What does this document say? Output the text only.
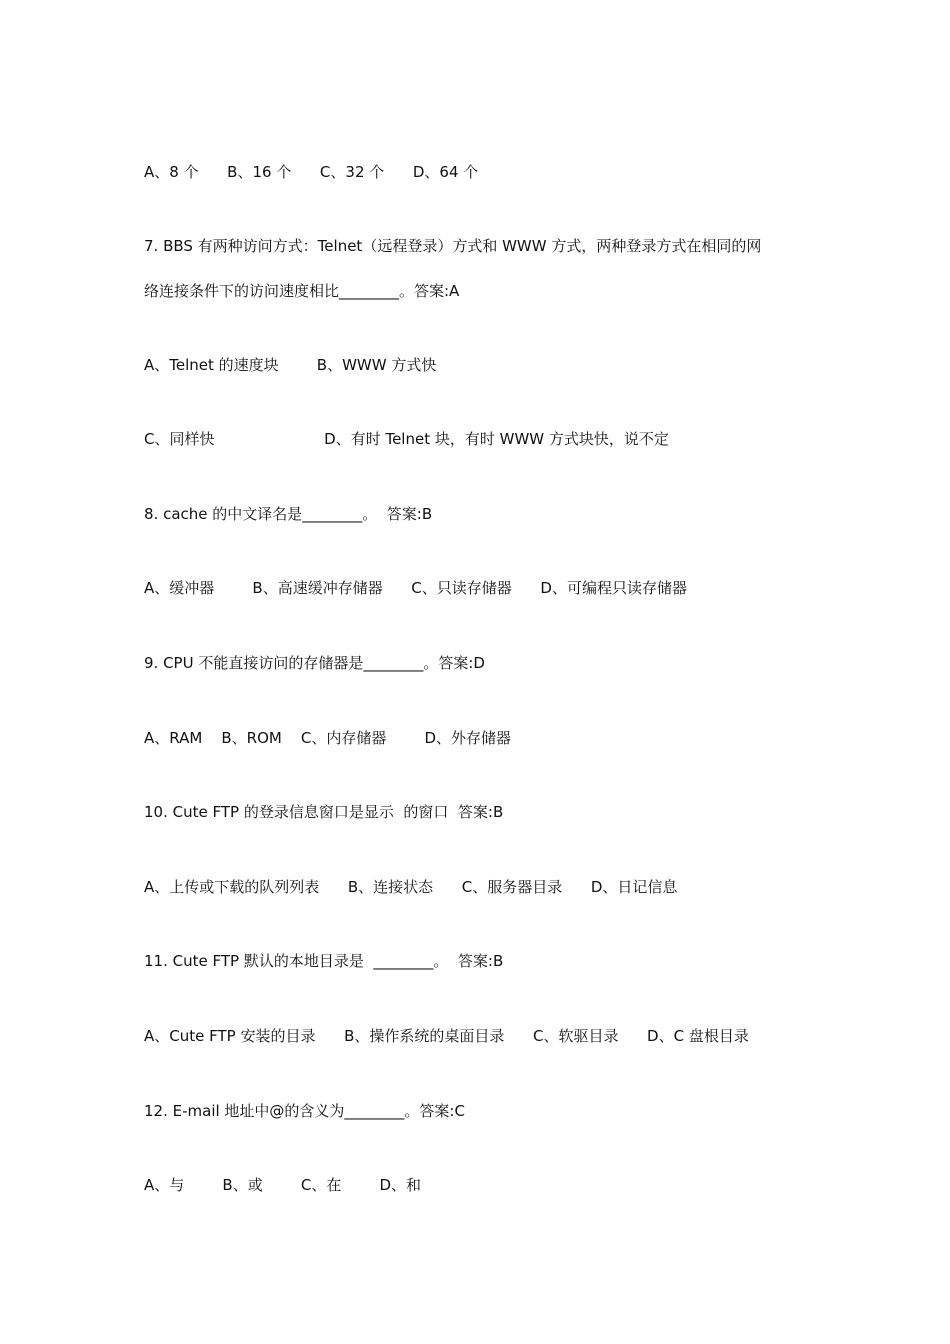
A、8 个      B、16 个      C、32 个      D、64 个
7. BBS 有两种访问方式：Telnet（远程登录）方式和 WWW 方式，两种登录方式在相同的网
络连接条件下的访问速度相比________。答案:A
A、Telnet 的速度块        B、WWW 方式快
C、同样快                       D、有时 Telnet 块，有时 WWW 方式块快，说不定
8. cache 的中文译名是________。  答案:B
A、缓冲器        B、高速缓冲存储器      C、只读存储器      D、可编程只读存储器
9. CPU 不能直接访问的存储器是________。答案:D
A、RAM    B、ROM    C、内存储器        D、外存储器
10. Cute FTP 的登录信息窗口是显示  的窗口  答案:B
A、上传或下载的队列列表      B、连接状态      C、服务器目录      D、日记信息
11. Cute FTP 默认的本地目录是  ________。  答案:B
A、Cute FTP 安装的目录      B、操作系统的桌面目录      C、软驱目录      D、C 盘根目录
12. E-mail 地址中@的含义为________。答案:C
A、与        B、或        C、在        D、和
